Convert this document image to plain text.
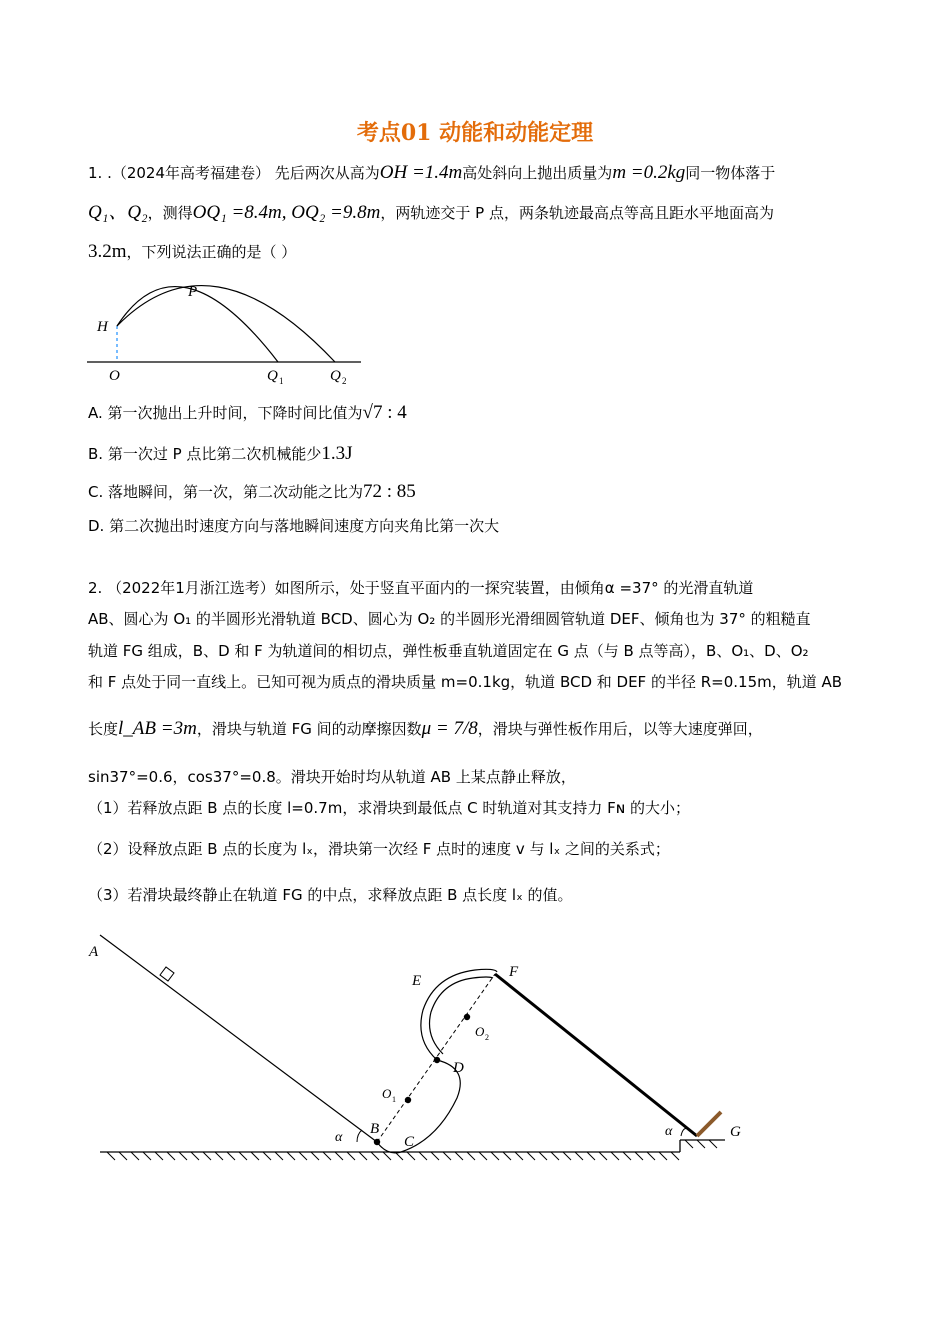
考点01 动能和动能定理
1. .（2024年高考福建卷） 先后两次从高为OH =1.4m高处斜向上抛出质量为m =0.2kg同一物体落于
Q₁、Q₂，测得OQ₁ =8.4m, OQ₂ =9.8m，两轨迹交于 P 点，两条轨迹最高点等高且距水平地面高为
3.2m，下列说法正确的是（ ）
H
P
O	Q 1	Q 2
A. 第一次抛出上升时间，下降时间比值为√7 : 4
B. 第一次过 P 点比第二次机械能少1.3J
C. 落地瞬间，第一次，第二次动能之比为72 : 85
D. 第二次抛出时速度方向与落地瞬间速度方向夹角比第一次大
2. （2022年1月浙江选考）如图所示，处于竖直平面内的一探究装置，由倾角α =37° 的光滑直轨道
AB、圆心为 O₁ 的半圆形光滑轨道 BCD、圆心为 O₂ 的半圆形光滑细圆管轨道 DEF、倾角也为 37° 的粗糙直
轨道 FG 组成，B、D 和 F 为轨道间的相切点，弹性板垂直轨道固定在 G 点（与 B 点等高），B、O₁、D、O₂
和 F 点处于同一直线上。已知可视为质点的滑块质量 m=0.1kg，轨道 BCD 和 DEF 的半径 R=0.15m，轨道 AB
长度l_AB =3m，滑块与轨道 FG 间的动摩擦因数μ = 7/8，滑块与弹性板作用后，以等大速度弹回，
sin37°=0.6，cos37°=0.8。滑块开始时均从轨道 AB 上某点静止释放，
（1）若释放点距 B 点的长度 l=0.7m，求滑块到最低点 C 时轨道对其支持力 Fɴ 的大小；
（2）设释放点距 B 点的长度为 lₓ，滑块第一次经 F 点时的速度 v 与 lₓ 之间的关系式；
（3）若滑块最终静止在轨道 FG 的中点，求释放点距 B 点长度 lₓ 的值。
A
B
C
D
E
F
G
O 1
O 2
α	α
